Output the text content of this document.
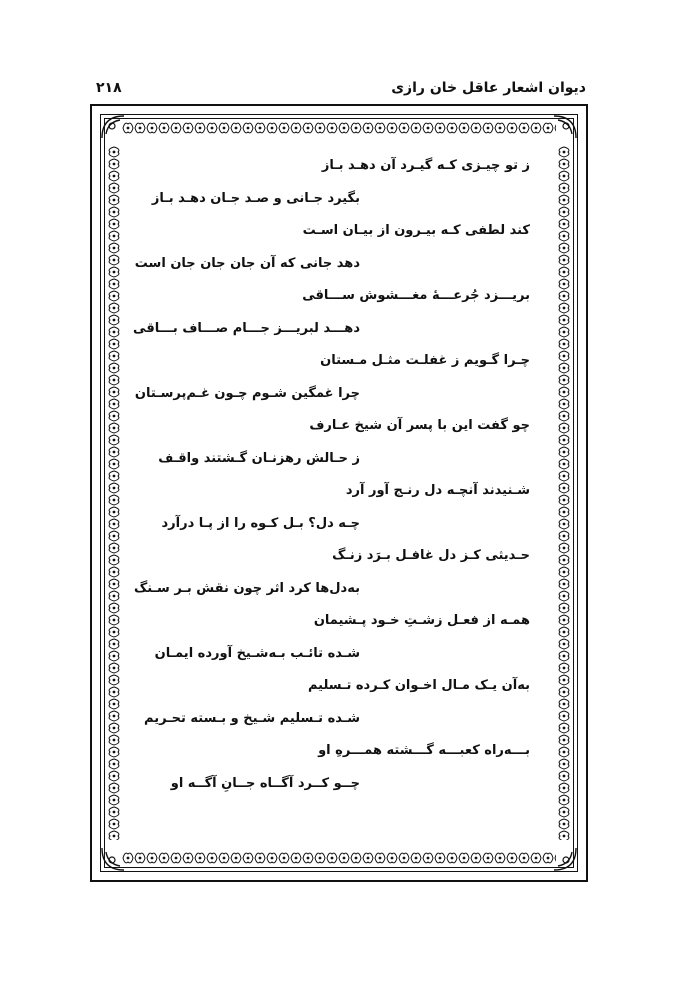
دیوان اشعار عاقل خان رازی
۲۱۸
ز تو چیـزی کـه گیـرد آن دهـد بـاز
بگیرد جـانی و صـد جـان دهـد بـاز
کند لطفی کـه بیـرون از بیـان اسـت
دهد جانی که آن جان جان جان است
بریـــزد جُرعـــهٔ مغـــشوش ســـاقی
دهـــد لبریـــز جـــام صـــاف بـــاقی
چـرا گـویم ز غفلـت مثـل مـستان
چرا غمگین شـوم چـون غـم‌پرسـتان
چو گفت این با پسر آن شیخ عـارف
ز حـالش رهزنـان گـشتند واقـف
شـنیدند آنچـه دل رنـج آور آرد
چـه دل؟ بـل کـوه را از پـا درآرد
حـدیثی کـز دل غافـل بـرَد زنـگ
به‌دل‌ها کرد اثر چون نقش بـر سـنگ
همـه از فعـل زشـتِ خـود پـشیمان
شـده تائـب بـه‌شـیخ آورده ایمـان
به‌آن یـک مـال اخـوان کـرده تـسلیم
شـده تـسلیم شـیخ و بـسته تحـریم
بـــه‌راه کعبـــه گـــشته همـــرهِ او
چــو کــرد آگــاه جــانِ آگــه او
